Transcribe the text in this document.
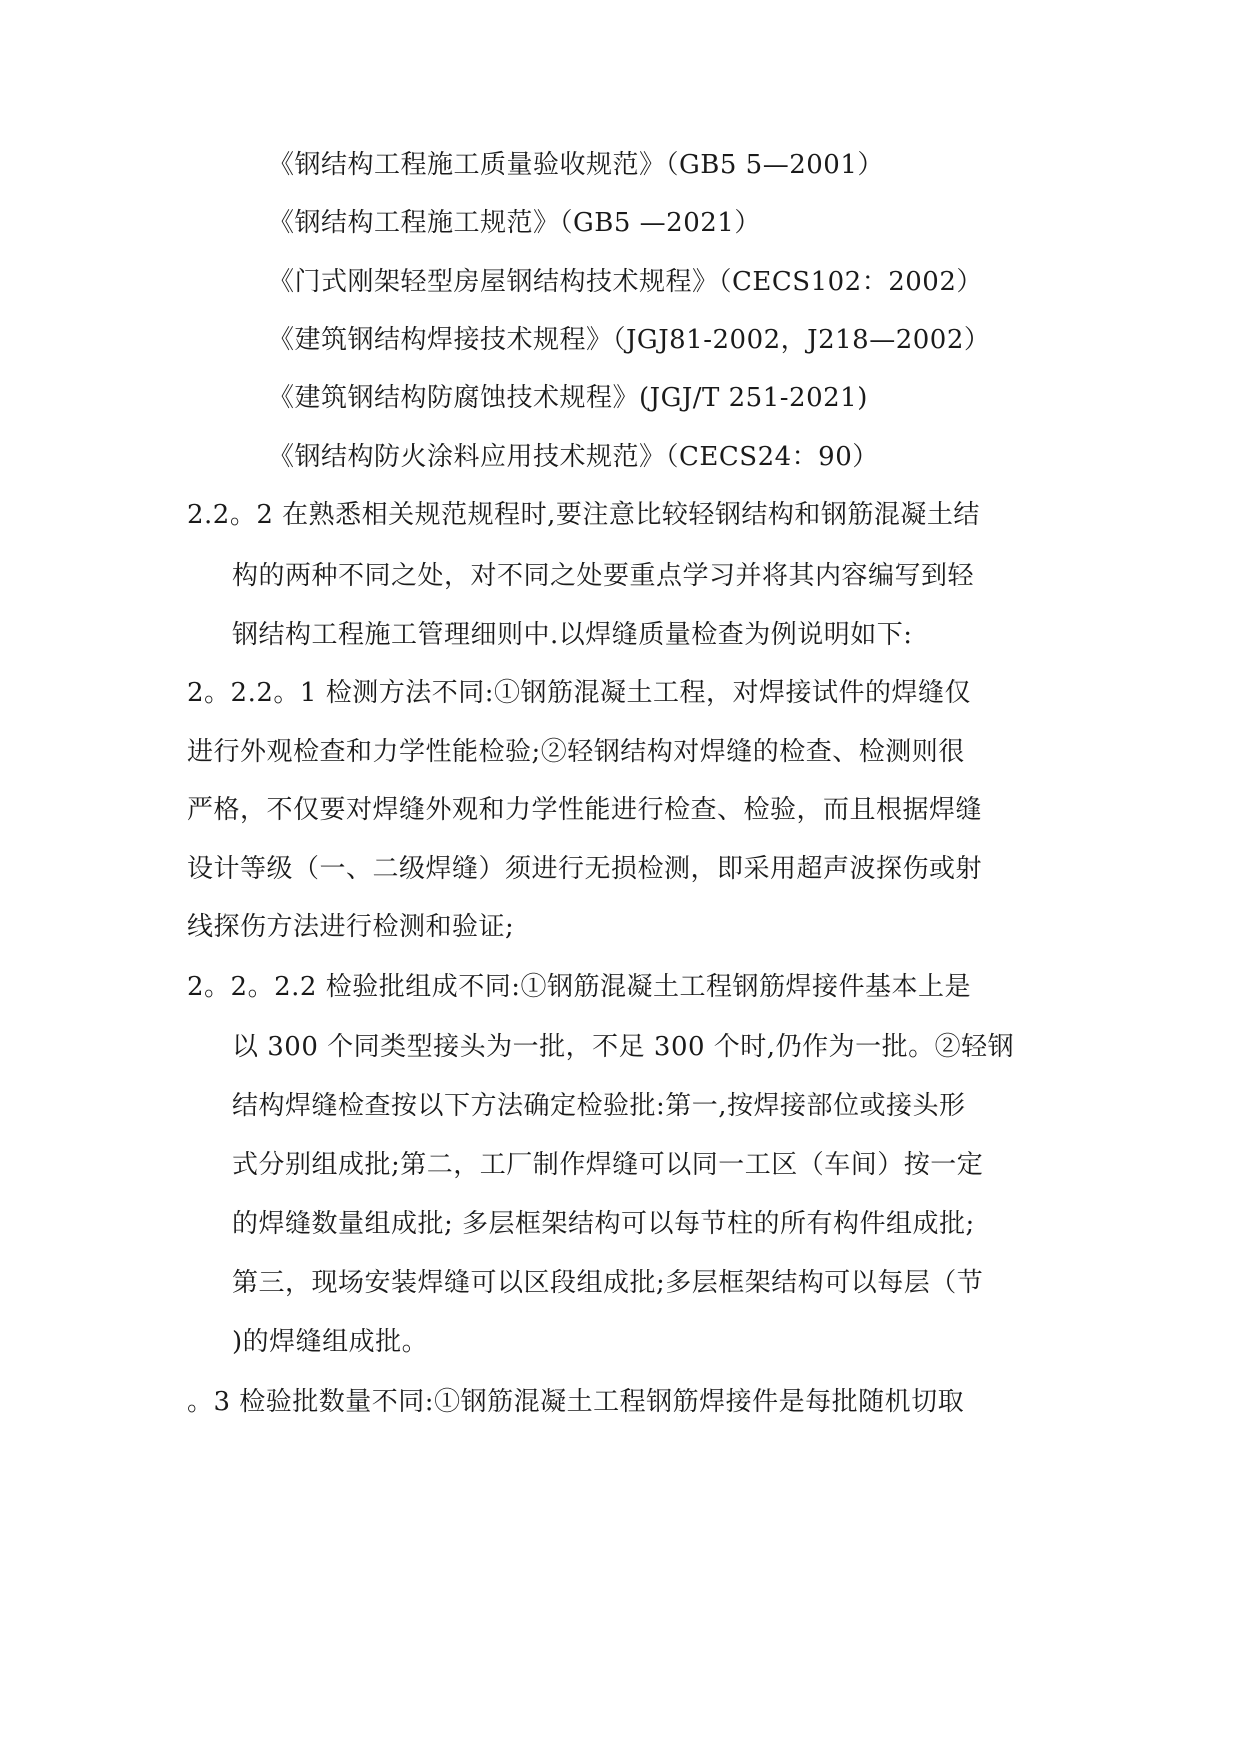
《钢结构工程施工质量验收规范》（GB5 5—2001）
《钢结构工程施工规范》（GB5 —2021）
《门式刚架轻型房屋钢结构技术规程》（CECS102：2002）
《建筑钢结构焊接技术规程》（JGJ81-2002，J218—2002）
《建筑钢结构防腐蚀技术规程》(JGJ/T 251-2021)
《钢结构防火涂料应用技术规范》（CECS24：90）
2.2。2 在熟悉相关规范规程时,要注意比较轻钢结构和钢筋混凝土结
构的两种不同之处，对不同之处要重点学习并将其内容编写到轻
钢结构工程施工管理细则中.以焊缝质量检查为例说明如下:
2。2.2。1 检测方法不同:①钢筋混凝土工程，对焊接试件的焊缝仅
进行外观检查和力学性能检验;②轻钢结构对焊缝的检查、检测则很
严格，不仅要对焊缝外观和力学性能进行检查、检验，而且根据焊缝
设计等级（一、二级焊缝）须进行无损检测，即采用超声波探伤或射
线探伤方法进行检测和验证;
2。2。2.2 检验批组成不同:①钢筋混凝土工程钢筋焊接件基本上是
以 300 个同类型接头为一批，不足 300 个时,仍作为一批。②轻钢
结构焊缝检查按以下方法确定检验批:第一,按焊接部位或接头形
式分别组成批;第二，工厂制作焊缝可以同一工区（车间）按一定
的焊缝数量组成批; 多层框架结构可以每节柱的所有构件组成批;
第三，现场安装焊缝可以区段组成批;多层框架结构可以每层（节
)的焊缝组成批。
。3 检验批数量不同:①钢筋混凝土工程钢筋焊接件是每批随机切取
